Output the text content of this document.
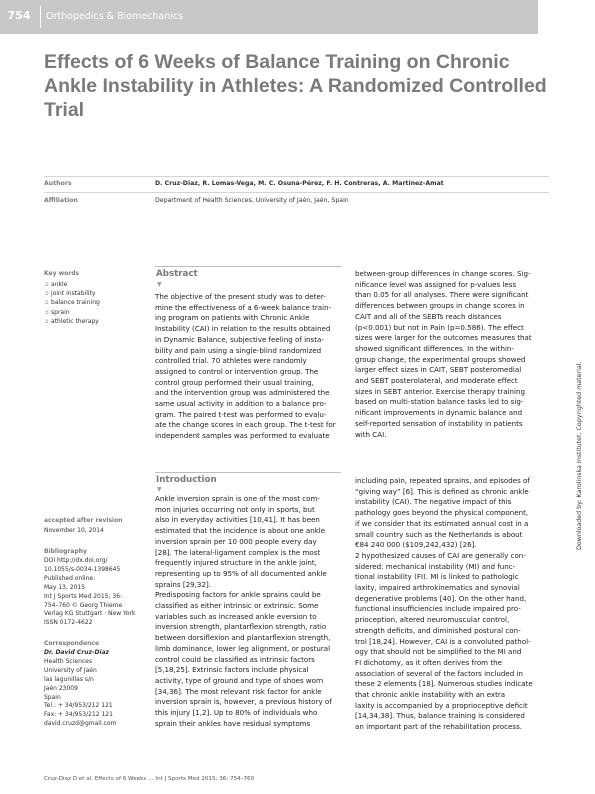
754	Orthopedics & Biomechanics
Effects of 6 Weeks of Balance Training on Chronic
Ankle Instability in Athletes: A Randomized Controlled
Trial
Authors	D. Cruz-Diaz, R. Lomas-Vega, M. C. Osuna-Pérez, F. H. Contreras, A. Martínez-Amat
Affiliation	Department of Health Sciences, University of Jaén, Jaén, Spain
Key words
➲ ankle
➲ joint instability
➲ balance training
➲ sprain
➲ athletic therapy
accepted after revision
November 10, 2014
Bibliography
DOI http://dx.doi.org/
10.1055/s-0034-1398645
Published online:
May 13, 2015
Int J Sports Med 2015; 36:
754–760 © Georg Thieme
Verlag KG Stuttgart · New York
ISSN 0172-4622
Correspondence
Dr. David Cruz-Diaz
Health Sciences
University of Jaén
las lagunillas s/n
Jaén 23009
Spain
Tel.: + 34/953/212 121
Fax: + 34/953/212 121
david.cruzd@gmail.com
Abstract
▼
The objective of the present study was to deter-
mine the effectiveness of a 6-week balance train-
ing program on patients with Chronic Ankle
Instability (CAI) in relation to the results obtained
in Dynamic Balance, subjective feeling of insta-
bility and pain using a single-blind randomized
controlled trial. 70 athletes were randomly
assigned to control or intervention group. The
control group performed their usual training,
and the intervention group was administered the
same usual activity in addition to a balance pro-
gram. The paired t-test was performed to evalu-
ate the change scores in each group. The t-test for
independent samples was performed to evaluate
between-group differences in change scores. Sig-
nificance level was assigned for p-values less
than 0.05 for all analyses. There were significant
differences between groups in change scores in
CAIT and all of the SEBTs reach distances
(p<0.001) but not in Pain (p=0.586). The effect
sizes were larger for the outcomes measures that
showed significant differences. In the within-
group change, the experimental groups showed
larger effect sizes in CAIT, SEBT posteromedial
and SEBT posterolateral, and moderate effect
sizes in SEBT anterior. Exercise therapy training
based on multi-station balance tasks led to sig-
nificant improvements in dynamic balance and
self-reported sensation of instability in patients
with CAI.
Introduction
▼
Ankle inversion sprain is one of the most com-
mon injuries occurring not only in sports, but
also in everyday activities [10,41]. It has been
estimated that the incidence is about one ankle
inversion sprain per 10 000 people every day
[28]. The lateral-ligament complex is the most
frequently injured structure in the ankle joint,
representing up to 95% of all documented ankle
sprains [29,32].
Predisposing factors for ankle sprains could be
classified as either intrinsic or extrinsic. Some
variables such as increased ankle eversion to
inversion strength, plantarflexion strength, ratio
between dorsiflexion and plantarflexion strength,
limb dominance, lower leg alignment, or postural
control could be classified as intrinsic factors
[5,18,25]. Extrinsic factors include physical
activity, type of ground and type of shoes worn
[34,36]. The most relevant risk factor for ankle
inversion sprain is, however, a previous history of
this injury [1,2]. Up to 80% of individuals who
sprain their ankles have residual symptoms
including pain, repeated sprains, and episodes of
“giving way” [6]. This is defined as chronic ankle
instability (CAI). The negative impact of this
pathology goes beyond the physical component,
if we consider that its estimated annual cost in a
small country such as the Netherlands is about
€84 240 000 ($109,242,432) [26].
2 hypothesized causes of CAI are generally con-
sidered: mechanical instability (MI) and func-
tional instability (FI). MI is linked to pathologic
laxity, impaired arthrokinematics and synovial
degenerative problems [40]. On the other hand,
functional insufficiencies include impaired pro-
prioception, altered neuromuscular control,
strength deficits, and diminished postural con-
trol [18,24]. However, CAI is a convoluted pathol-
ogy that should not be simplified to the MI and
FI dichotomy, as it often derives from the
association of several of the factors included in
these 2 elements [18]. Numerous studies indicate
that chronic ankle instability with an extra
laxity is accompanied by a proprioceptive deficit
[14,34,38]. Thus, balance training is considered
an important part of the rehabilitation process.
Cruz-Diaz D et al. Effects of 6 Weeks … Int J Sports Med 2015; 36: 754–760
Downloaded by: Karolinska Institutet. Copyrighted material.
